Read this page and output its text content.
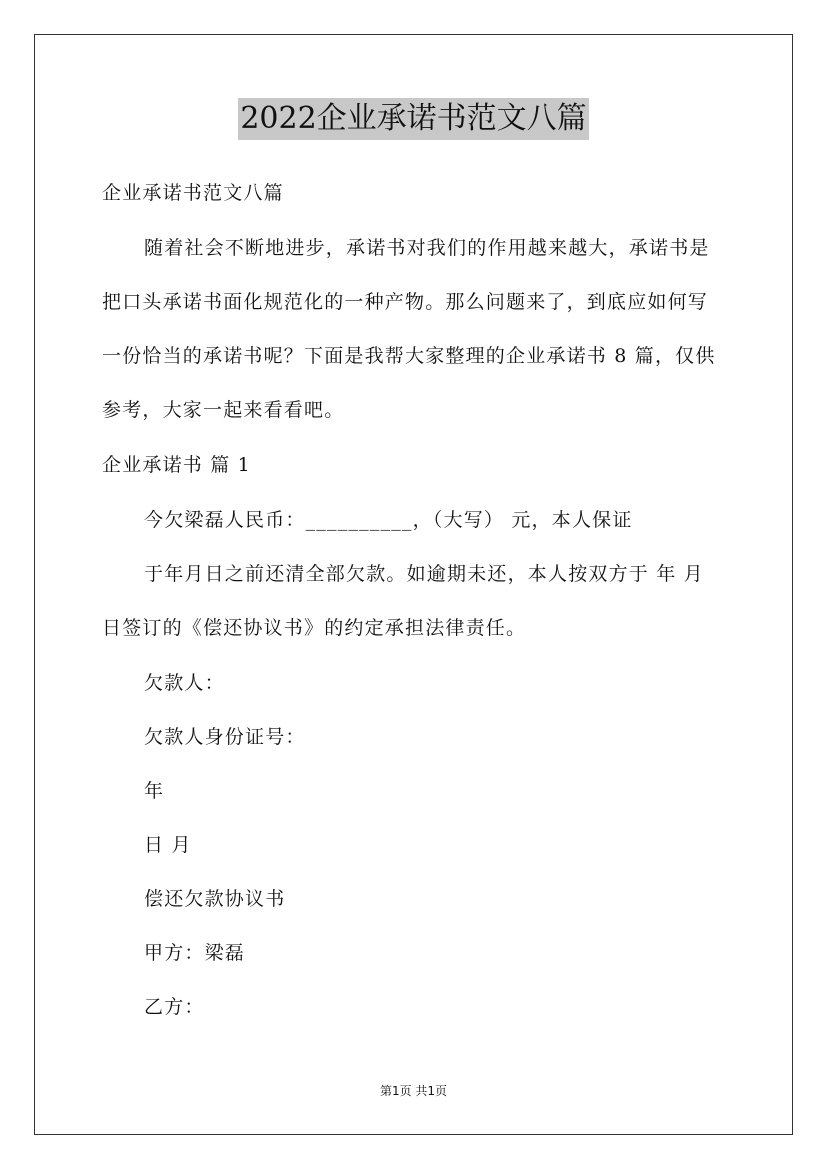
2022企业承诺书范文八篇
企业承诺书范文八篇
随着社会不断地进步，承诺书对我们的作用越来越大，承诺书是
把口头承诺书面化规范化的一种产物。那么问题来了，到底应如何写
一份恰当的承诺书呢？下面是我帮大家整理的企业承诺书 8 篇，仅供
参考，大家一起来看看吧。
企业承诺书 篇 1
今欠梁磊人民币：__________，（大写） 元，本人保证
于年月日之前还清全部欠款。如逾期未还，本人按双方于 年 月
日签订的《偿还协议书》的约定承担法律责任。
欠款人：
欠款人身份证号：
年
日 月
偿还欠款协议书
甲方：梁磊
乙方：
第1页 共1页
